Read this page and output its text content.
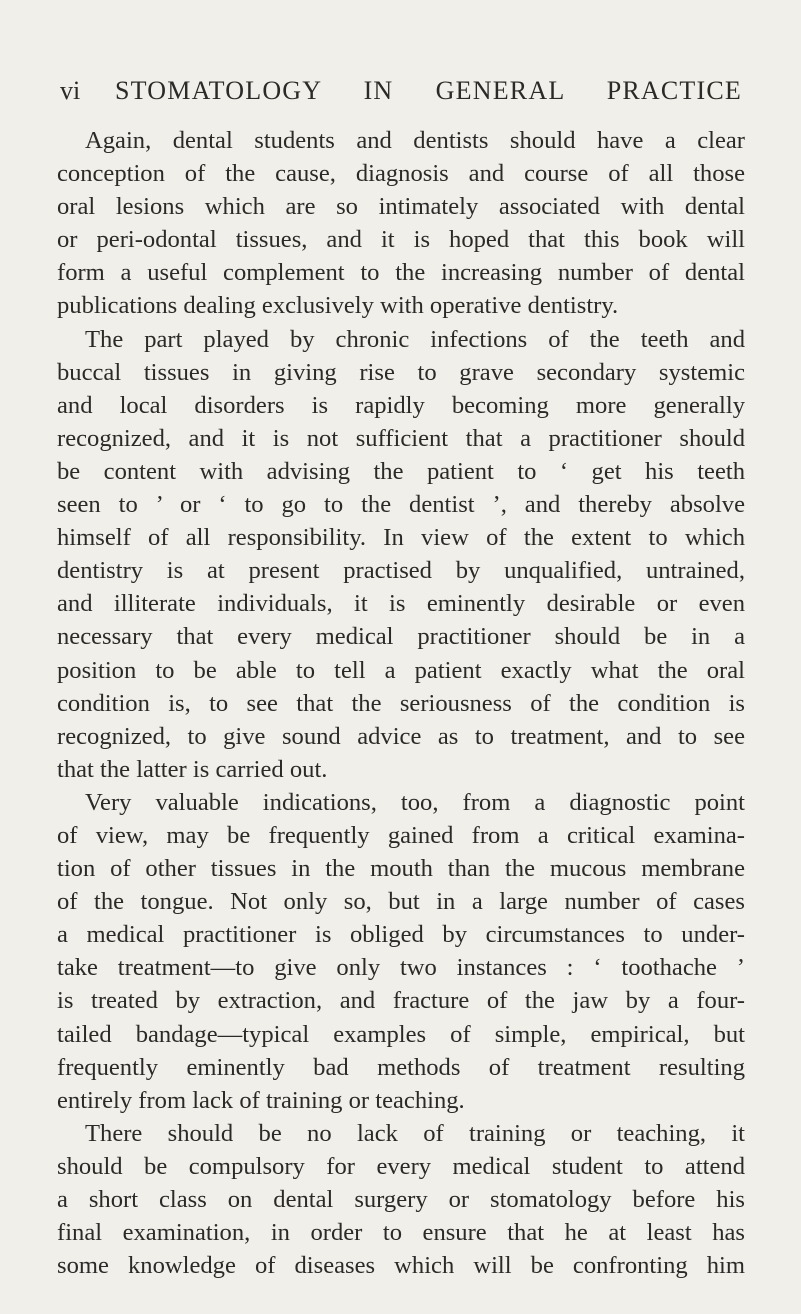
vi STOMATOLOGY IN GENERAL PRACTICE
Again, dental students and dentists should have a clear
conception of the cause, diagnosis and course of all those
oral lesions which are so intimately associated with dental
or peri-odontal tissues, and it is hoped that this book will
form a useful complement to the increasing number of dental
publications dealing exclusively with operative dentistry.
The part played by chronic infections of the teeth and
buccal tissues in giving rise to grave secondary systemic
and local disorders is rapidly becoming more generally
recognized, and it is not sufficient that a practitioner should
be content with advising the patient to ‘ get his teeth
seen to ’ or ‘ to go to the dentist ’, and thereby absolve
himself of all responsibility. In view of the extent to which
dentistry is at present practised by unqualified, untrained,
and illiterate individuals, it is eminently desirable or even
necessary that every medical practitioner should be in a
position to be able to tell a patient exactly what the oral
condition is, to see that the seriousness of the condition is
recognized, to give sound advice as to treatment, and to see
that the latter is carried out.
Very valuable indications, too, from a diagnostic point
of view, may be frequently gained from a critical examina-
tion of other tissues in the mouth than the mucous membrane
of the tongue. Not only so, but in a large number of cases
a medical practitioner is obliged by circumstances to under-
take treatment—to give only two instances : ‘ toothache ’
is treated by extraction, and fracture of the jaw by a four-
tailed bandage—typical examples of simple, empirical, but
frequently eminently bad methods of treatment resulting
entirely from lack of training or teaching.
There should be no lack of training or teaching, it
should be compulsory for every medical student to attend
a short class on dental surgery or stomatology before his
final examination, in order to ensure that he at least has
some knowledge of diseases which will be confronting him
